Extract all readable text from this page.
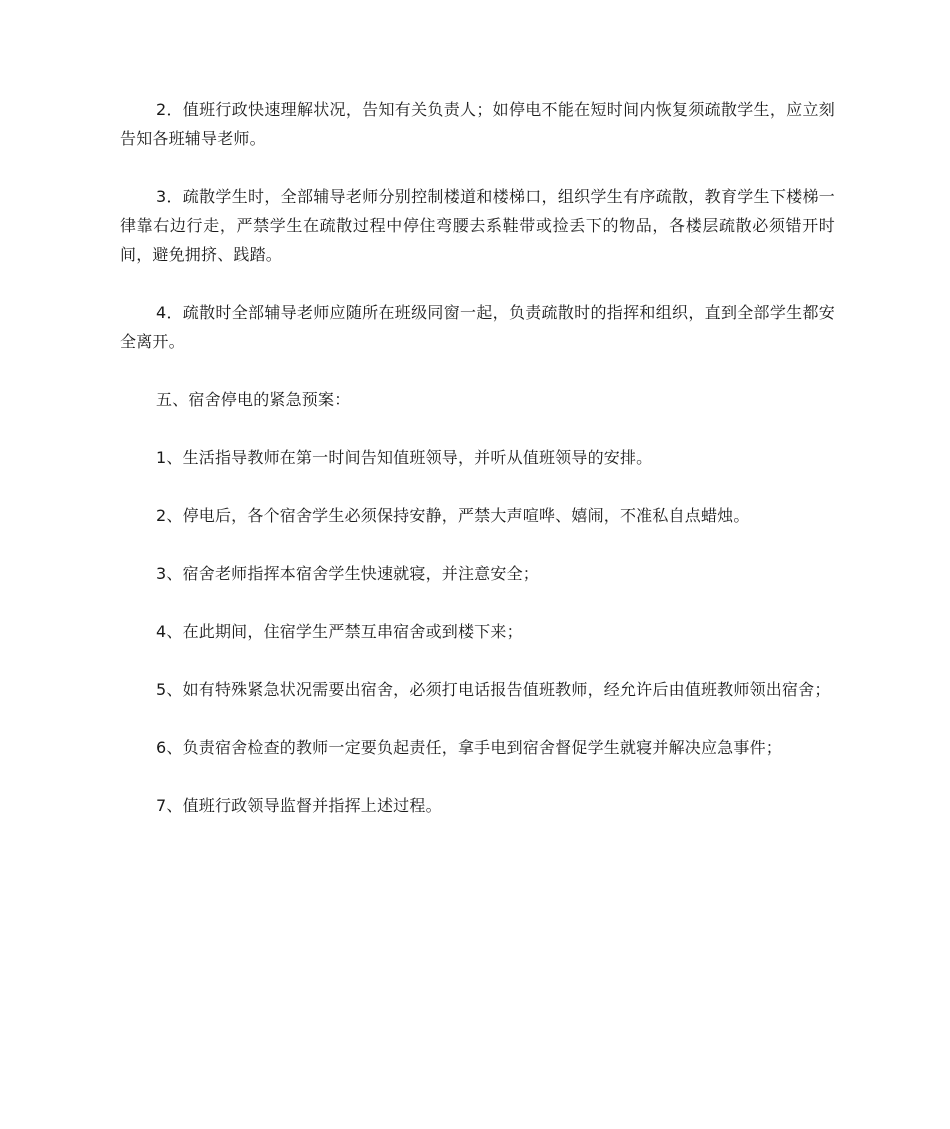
2．值班行政快速理解状况，告知有关负责人；如停电不能在短时间内恢复须疏散学生，应立刻告知各班辅导老师。

3．疏散学生时，全部辅导老师分别控制楼道和楼梯口，组织学生有序疏散，教育学生下楼梯一律靠右边行走，严禁学生在疏散过程中停住弯腰去系鞋带或捡丢下的物品，各楼层疏散必须错开时间，避免拥挤、践踏。

4．疏散时全部辅导老师应随所在班级同窗一起，负责疏散时的指挥和组织，直到全部学生都安全离开。

五、宿舍停电的紧急预案：

1、生活指导教师在第一时间告知值班领导，并听从值班领导的安排。

2、停电后，各个宿舍学生必须保持安静，严禁大声喧哗、嬉闹，不准私自点蜡烛。

3、宿舍老师指挥本宿舍学生快速就寝，并注意安全；

4、在此期间，住宿学生严禁互串宿舍或到楼下来；

5、如有特殊紧急状况需要出宿舍，必须打电话报告值班教师，经允许后由值班教师领出宿舍；

6、负责宿舍检查的教师一定要负起责任，拿手电到宿舍督促学生就寝并解决应急事件；

7、值班行政领导监督并指挥上述过程。
